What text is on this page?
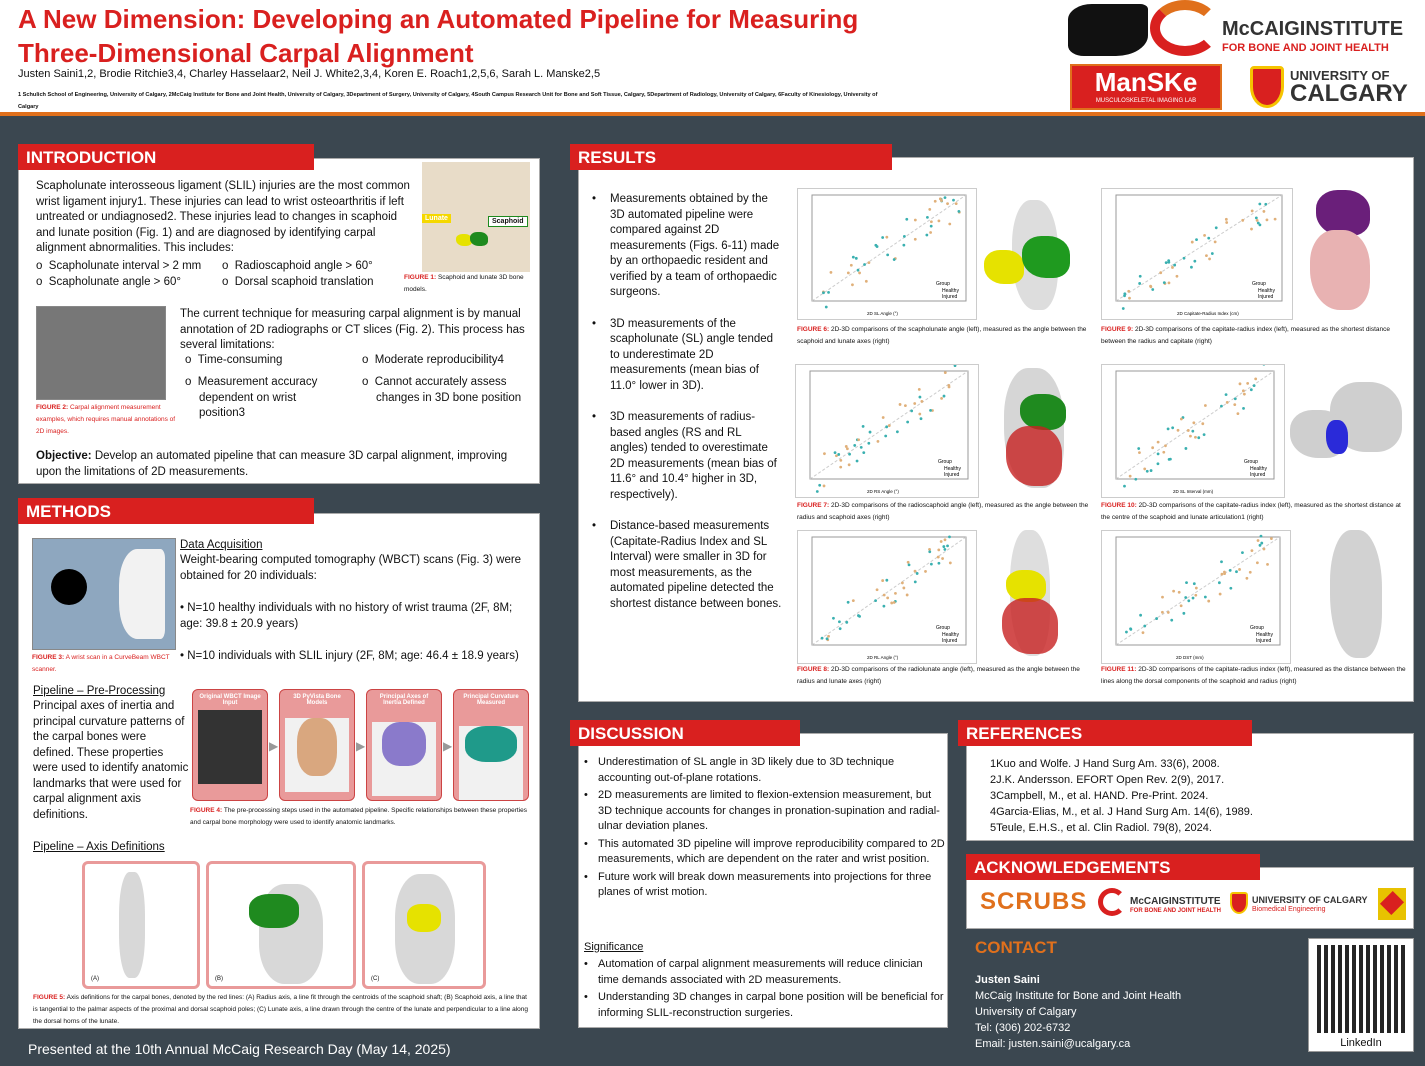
A New Dimension: Developing an Automated Pipeline for Measuring Three-Dimensional Carpal Alignment
Justen Saini1,2, Brodie Ritchie3,4, Charley Hasselaar2, Neil J. White2,3,4, Koren E. Roach1,2,5,6, Sarah L. Manske2,5
1 Schulich School of Engineering, University of Calgary, 2McCaig Institute for Bone and Joint Health, University of Calgary, 3Department of Surgery, University of Calgary, 4South Campus Research Unit for Bone and Soft Tissue, Calgary, 5Department of Radiology, University of Calgary, 6Faculty of Kinesiology, University of Calgary
McCAIGINSTITUTE
FOR BONE AND JOINT HEALTH
ManSKe
MUSCULOSKELETAL IMAGING LAB
UNIVERSITY OF
CALGARY
INTRODUCTION
Scapholunate interosseous ligament (SLIL) injuries are the most common wrist ligament injury1. These injuries can lead to wrist osteoarthritis if left untreated or undiagnosed2. These injuries lead to changes in scaphoid and lunate position (Fig. 1) and are diagnosed by identifying carpal alignment abnormalities. This includes:
o  Scapholunate interval > 2 mm	o  Radioscaphoid angle > 60°
o  Scapholunate angle > 60°	o  Dorsal scaphoid translation
Lunate	Scaphoid
FIGURE 1: Scaphoid and lunate 3D bone models.
FIGURE 2: Carpal alignment measurement examples, which requires manual annotations of 2D images.
The current technique for measuring carpal alignment is by manual annotation of 2D radiographs or CT slices (Fig. 2). This process has several limitations:
o  Time-consuming	o  Moderate reproducibility4
o  Measurement accuracy dependent on wrist position3
o  Cannot accurately assess changes in 3D bone position
Objective: Develop an automated pipeline that can measure 3D carpal alignment, improving upon the limitations of 2D measurements.
METHODS
FIGURE 3: A wrist scan in a CurveBeam WBCT scanner.
Data Acquisition
Weight-bearing computed tomography (WBCT) scans (Fig. 3) were obtained for 20 individuals:
• N=10 healthy individuals with no history of wrist trauma (2F, 8M; age: 39.8 ± 20.9 years)
• N=10 individuals with SLIL injury (2F, 8M; age: 46.4 ± 18.9 years)
Pipeline – Pre-Processing
Principal axes of inertia and principal curvature patterns of the carpal bones were defined. These properties were used to identify anatomic landmarks that were used for carpal alignment axis definitions.
Original WBCT Image Input
▶
3D PyVista Bone Models
▶
Principal Axes of Inertia Defined
▶
Principal Curvature Measured
FIGURE 4: The pre-processing steps used in the automated pipeline. Specific relationships between these properties and carpal bone morphology were used to identify anatomic landmarks.
Pipeline – Axis Definitions
(A)	(B)	(C)
FIGURE 5: Axis definitions for the carpal bones, denoted by the red lines: (A) Radius axis, a line fit through the centroids of the scaphoid shaft; (B) Scaphoid axis, a line that is tangential to the palmar aspects of the proximal and dorsal scaphoid poles; (C) Lunate axis, a line drawn through the centre of the lunate and perpendicular to a line along the dorsal horns of the lunate.
RESULTS
• Measurements obtained by the 3D automated pipeline were compared against 2D measurements (Figs. 6-11) made by an orthopaedic resident and verified by a team of orthopaedic surgeons.
• 3D measurements of the scapholunate (SL) angle tended to underestimate 2D measurements (mean bias of 11.0° lower in 3D).
• 3D measurements of radius-based angles (RS and RL angles) tended to overestimate 2D measurements (mean bias of 11.6° and 10.4° higher in 3D, respectively).
• Distance-based measurements (Capitate-Radius Index and SL Interval) were smaller in 3D for most measurements, as the automated pipeline detected the shortest distance between bones.
Group
Healthy
Injured
2D SL Angle (°)
Group
Healthy
Injured
2D Capitate-Radius Index (cm)
FIGURE 6: 2D-3D comparisons of the scapholunate angle (left), measured as the angle between the scaphoid and lunate axes (right)
FIGURE 9: 2D-3D comparisons of the capitate-radius index (left), measured as the shortest distance between the radius and capitate (right)
Group
Healthy
Injured
2D RS Angle (°)
Group
Healthy
Injured
2D SL Interval (mm)
FIGURE 7: 2D-3D comparisons of the radioscaphoid angle (left), measured as the angle between the radius and scaphoid axes (right)
FIGURE 10: 2D-3D comparisons of the capitate-radius index (left), measured as the shortest distance at the centre of the scaphoid and lunate articulation1 (right)
Group
Healthy
Injured
2D RL Angle (°)
Group
Healthy
Injured
2D DST (mm)
FIGURE 8: 2D-3D comparisons of the radiolunate angle (left), measured as the angle between the radius and lunate axes (right)
FIGURE 11: 2D-3D comparisons of the capitate-radius index (left), measured as the distance between the lines along the dorsal components of the scaphoid and radius (right)
DISCUSSION
• Underestimation of SL angle in 3D likely due to 3D technique accounting out-of-plane rotations.
• 2D measurements are limited to flexion-extension measurement, but 3D technique accounts for changes in pronation-supination and radial-ulnar deviation planes.
• This automated 3D pipeline will improve reproducibility compared to 2D measurements, which are dependent on the rater and wrist position.
• Future work will break down measurements into projections for three planes of wrist motion.
Significance
• Automation of carpal alignment measurements will reduce clinician time demands associated with 2D measurements.
• Understanding 3D changes in carpal bone position will be beneficial for informing SLIL-reconstruction surgeries.
REFERENCES
1Kuo and Wolfe. J Hand Surg Am. 33(6), 2008.
2J.K. Andersson. EFORT Open Rev. 2(9), 2017.
3Campbell, M., et al. HAND. Pre-Print. 2024.
4Garcia-Elias, M., et al. J Hand Surg Am. 14(6), 1989.
5Teule, E.H.S., et al. Clin Radiol. 79(8), 2024.
ACKNOWLEDGEMENTS
SCRUBS	McCAIGINSTITUTE
FOR BONE AND JOINT HEALTH
UNIVERSITY OF CALGARY
Biomedical Engineering
CONTACT
Justen Saini
McCaig Institute for Bone and Joint Health
University of Calgary
Tel: (306) 202-6732
Email: justen.saini@ucalgary.ca	LinkedIn
Presented at the 10th Annual McCaig Research Day (May 14, 2025)
